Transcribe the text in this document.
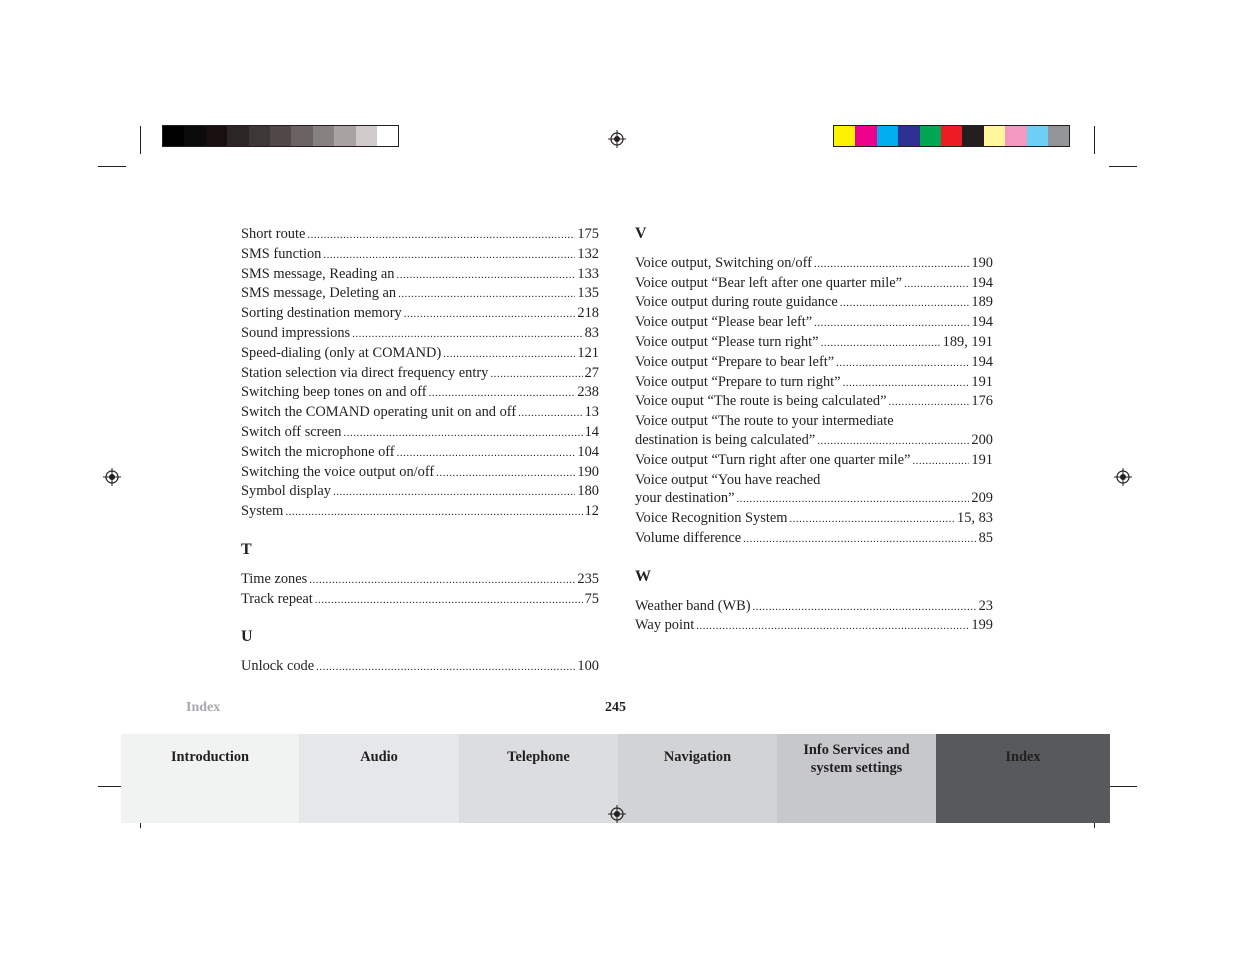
Short route .....	175
SMS function .....	132
SMS message, Reading an .....	133
SMS message, Deleting an .....	135
Sorting destination memory .....	218
Sound impressions .....	83
Speed-dialing (only at COMAND) .....	121
Station selection via direct frequency entry .....	27
Switching beep tones on and off .....	238
Switch the COMAND operating unit on and off .....	13
Switch off screen .....	14
Switch the microphone off .....	104
Switching the voice output on/off .....	190
Symbol display .....	180
System .....	12
T
Time zones .....	235
Track repeat .....	75
U
Unlock code .....	100
V
Voice output, Switching on/off .....	190
Voice output “Bear left after one quarter mile” .....	194
Voice output during route guidance .....	189
Voice output “Please bear left” .....	194
Voice output “Please turn right” .....	189, 191
Voice output “Prepare to bear left” .....	194
Voice output “Prepare to turn right” .....	191
Voice ouput “The route is being calculated” .....	176
Voice output “The route to your intermediate
destination is being calculated” .....	200
Voice output “Turn right after one quarter mile” .....	191
Voice output “You have reached
your destination” .....	209
Voice Recognition System .....	15, 83
Volume difference .....	85
W
Weather band (WB) .....	23
Way point .....	199
Index	245
Introduction	Audio	Telephone	Navigation	Info Services and system settings
Index
